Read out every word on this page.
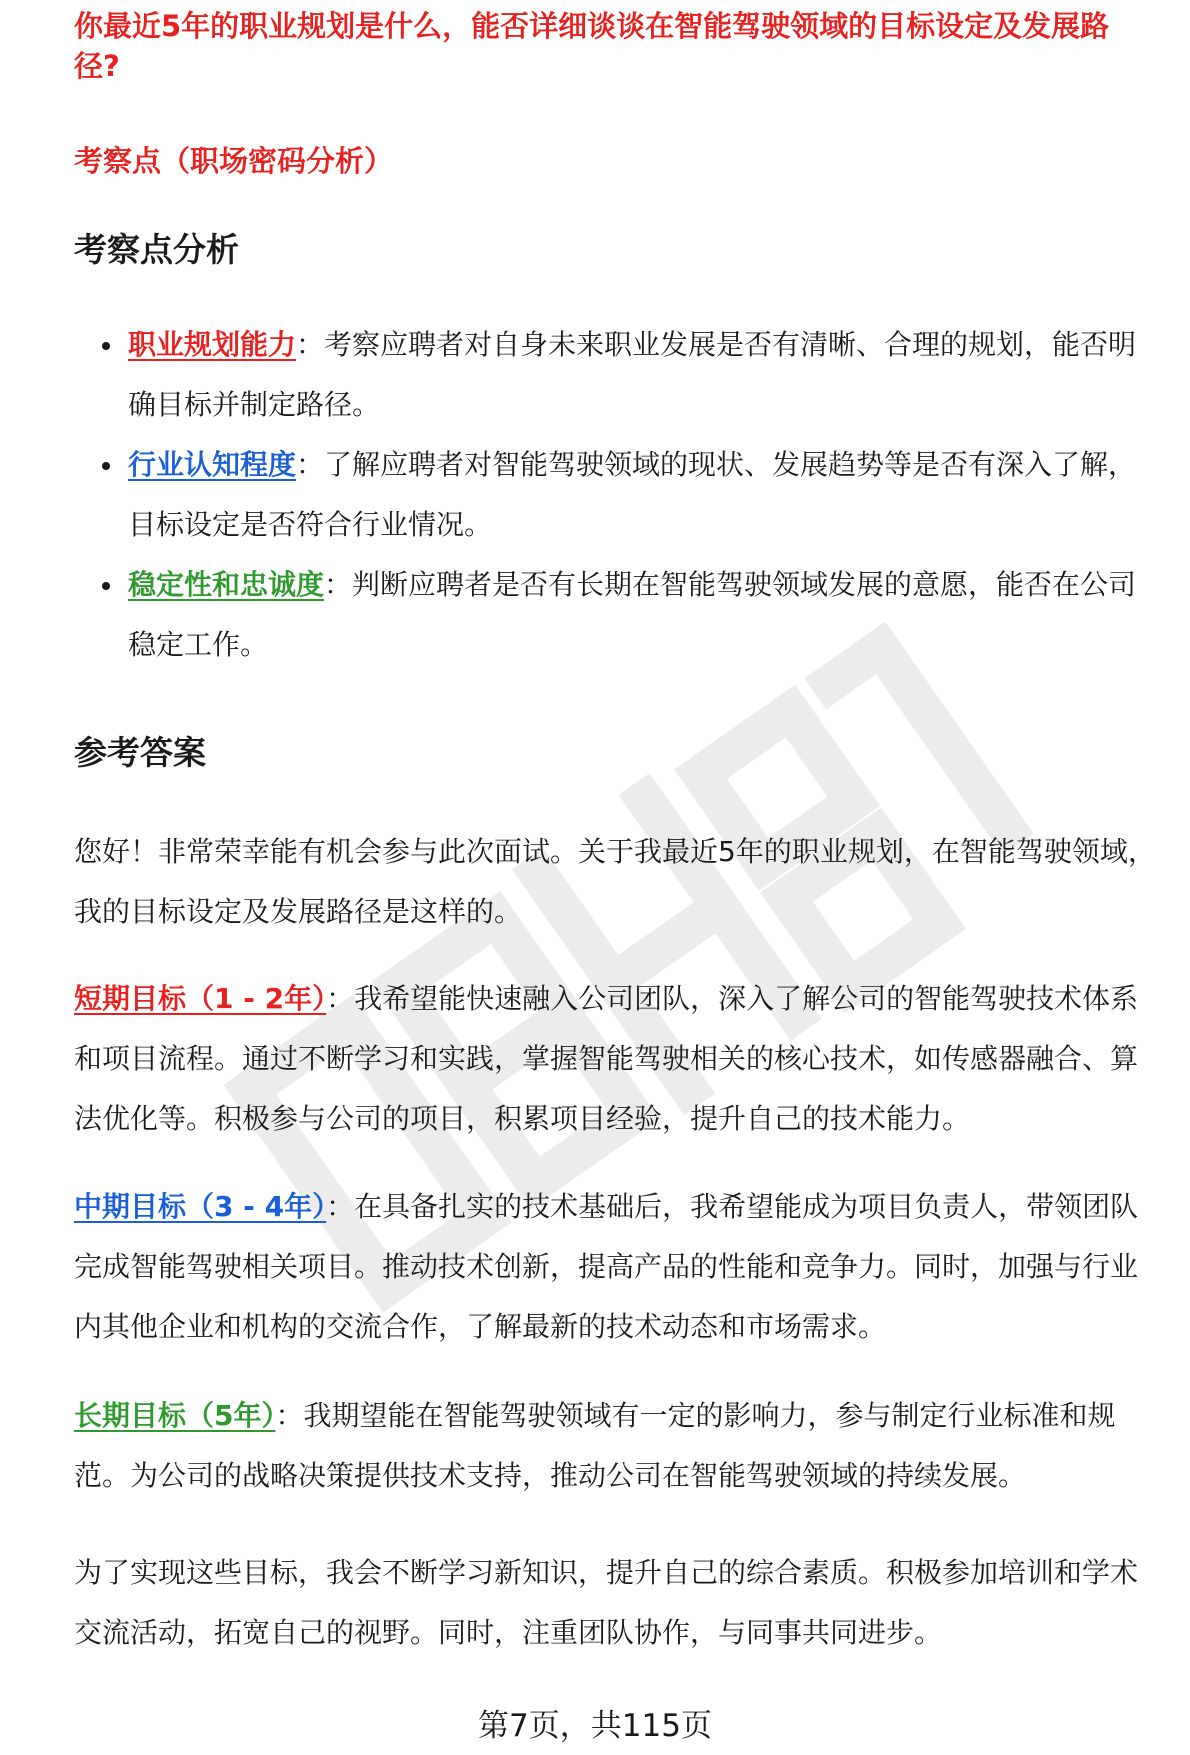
你最近5年的职业规划是什么，能否详细谈谈在智能驾驶领域的目标设定及发展路
径?
考察点（职场密码分析）
考察点分析
职业规划能力：考察应聘者对自身未来职业发展是否有清晰、合理的规划，能否明确目标并制定路径。
行业认知程度：了解应聘者对智能驾驶领域的现状、发展趋势等是否有深入了解，目标设定是否符合行业情况。
稳定性和忠诚度：判断应聘者是否有长期在智能驾驶领域发展的意愿，能否在公司稳定工作。
参考答案

您好！非常荣幸能有机会参与此次面试。关于我最近5年的职业规划，在智能驾驶领域，我的目标设定及发展路径是这样的。

短期目标（1 - 2年）：我希望能快速融入公司团队，深入了解公司的智能驾驶技术体系和项目流程。通过不断学习和实践，掌握智能驾驶相关的核心技术，如传感器融合、算法优化等。积极参与公司的项目，积累项目经验，提升自己的技术能力。

中期目标（3 - 4年）：在具备扎实的技术基础后，我希望能成为项目负责人，带领团队完成智能驾驶相关项目。推动技术创新，提高产品的性能和竞争力。同时，加强与行业内其他企业和机构的交流合作，了解最新的技术动态和市场需求。

长期目标（5年）：我期望能在智能驾驶领域有一定的影响力，参与制定行业标准和规范。为公司的战略决策提供技术支持，推动公司在智能驾驶领域的持续发展。

为了实现这些目标，我会不断学习新知识，提升自己的综合素质。积极参加培训和学术交流活动，拓宽自己的视野。同时，注重团队协作，与同事共同进步。

第7页，共115页
